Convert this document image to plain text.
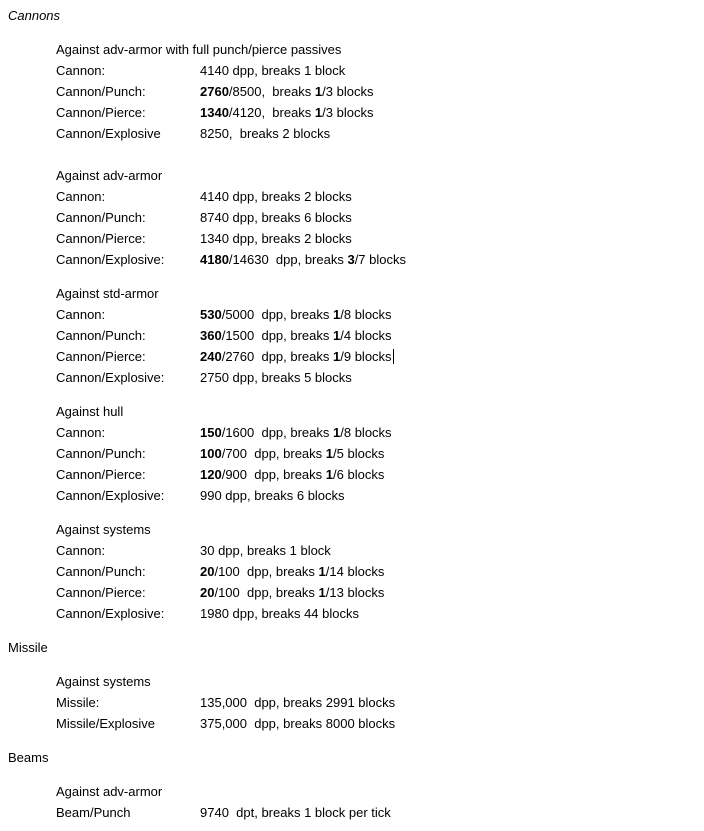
Cannons
Against adv-armor with full punch/pierce passives
Cannon:	4140 dpp, breaks 1 block
Cannon/Punch:	2760/8500,  breaks 1/3 blocks
Cannon/Pierce:	1340/4120,  breaks 1/3 blocks
Cannon/Explosive	8250,  breaks 2 blocks
Against adv-armor
Cannon:	4140 dpp, breaks 2 blocks
Cannon/Punch:	8740 dpp, breaks 6 blocks
Cannon/Pierce:	1340 dpp, breaks 2 blocks
Cannon/Explosive:	4180/14630  dpp, breaks 3/7 blocks
Against std-armor
Cannon:	530/5000  dpp, breaks 1/8 blocks
Cannon/Punch:	360/1500  dpp, breaks 1/4 blocks
Cannon/Pierce:	240/2760  dpp, breaks 1/9 blocks
Cannon/Explosive:	2750 dpp, breaks 5 blocks
Against hull
Cannon:	150/1600  dpp, breaks 1/8 blocks
Cannon/Punch:	100/700  dpp, breaks 1/5 blocks
Cannon/Pierce:	120/900  dpp, breaks 1/6 blocks
Cannon/Explosive:	990 dpp, breaks 6 blocks
Against systems
Cannon:	30 dpp, breaks 1 block
Cannon/Punch:	20/100  dpp, breaks 1/14 blocks
Cannon/Pierce:	20/100  dpp, breaks 1/13 blocks
Cannon/Explosive:	1980 dpp, breaks 44 blocks
Missile
Against systems
Missile:	135,000  dpp, breaks 2991 blocks
Missile/Explosive	375,000  dpp, breaks 8000 blocks
Beams
Against adv-armor
Beam/Punch	9740  dpt, breaks 1 block per tick
